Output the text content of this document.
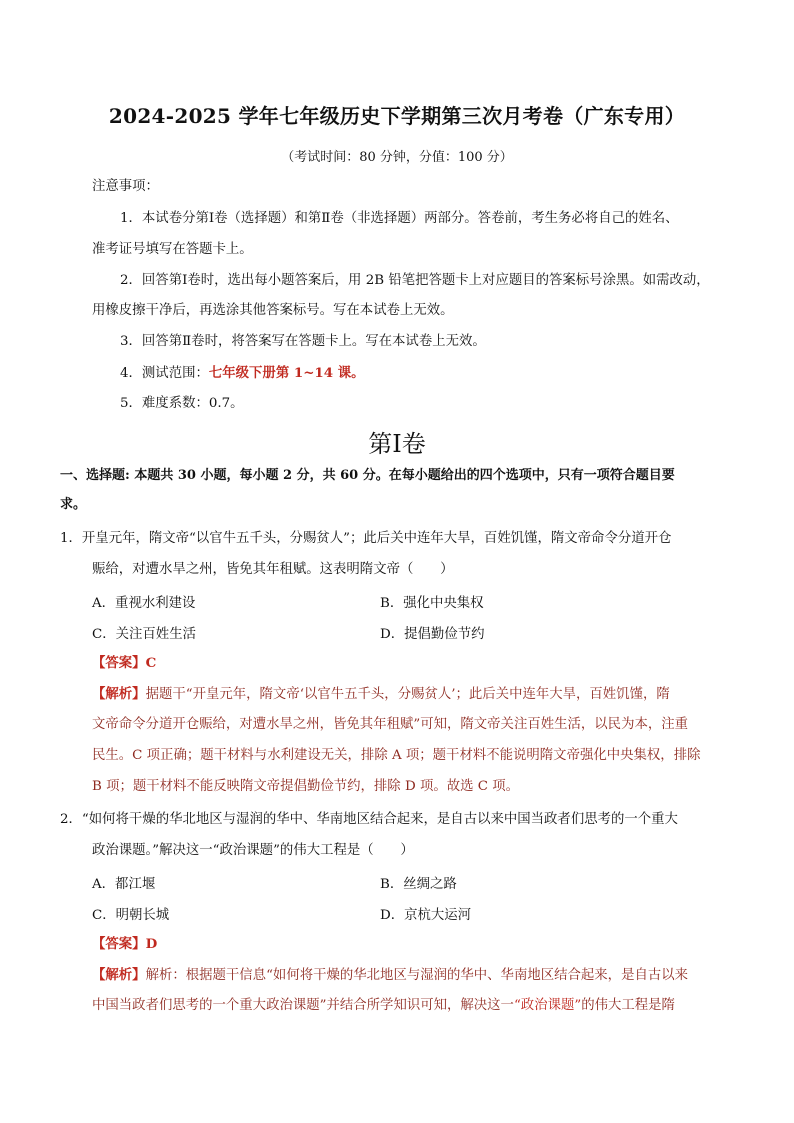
2024-2025 学年七年级历史下学期第三次月考卷（广东专用）
（考试时间：80 分钟，分值：100 分）
注意事项：
1．本试卷分第Ⅰ卷（选择题）和第Ⅱ卷（非选择题）两部分。答卷前，考生务必将自己的姓名、
准考证号填写在答题卡上。
2．回答第Ⅰ卷时，选出每小题答案后，用 2B 铅笔把答题卡上对应题目的答案标号涂黑。如需改动，
用橡皮擦干净后，再选涂其他答案标号。写在本试卷上无效。
3．回答第Ⅱ卷时，将答案写在答题卡上。写在本试卷上无效。
4．测试范围：七年级下册第 1~14 课。
5．难度系数：0.7。
第Ⅰ卷
一、选择题: 本题共 30 小题，每小题 2 分，共 60 分。在每小题给出的四个选项中，只有一项符合题目要
求。
1．开皇元年，隋文帝“以官牛五千头，分赐贫人”；此后关中连年大旱，百姓饥馑，隋文帝命令分道开仓
赈给，对遭水旱之州，皆免其年租赋。这表明隋文帝（　　）
A．重视水利建设	B．强化中央集权
C．关注百姓生活	D．提倡勤俭节约
【答案】C
【解析】据题干“开皇元年，隋文帝‘以官牛五千头，分赐贫人’；此后关中连年大旱，百姓饥馑，隋
文帝命令分道开仓赈给，对遭水旱之州，皆免其年租赋”可知，隋文帝关注百姓生活，以民为本，注重
民生。C 项正确；题干材料与水利建设无关，排除 A 项；题干材料不能说明隋文帝强化中央集权，排除
B 项；题干材料不能反映隋文帝提倡勤俭节约，排除 D 项。故选 C 项。
2．“如何将干燥的华北地区与湿润的华中、华南地区结合起来，是自古以来中国当政者们思考的一个重大
政治课题。”解决这一“政治课题”的伟大工程是（　　）
A．都江堰	B．丝绸之路
C．明朝长城	D．京杭大运河
【答案】D
【解析】解析：根据题干信息“如何将干燥的华北地区与湿润的华中、华南地区结合起来，是自古以来
中国当政者们思考的一个重大政治课题”并结合所学知识可知，解决这一“政治课题”的伟大工程是隋
